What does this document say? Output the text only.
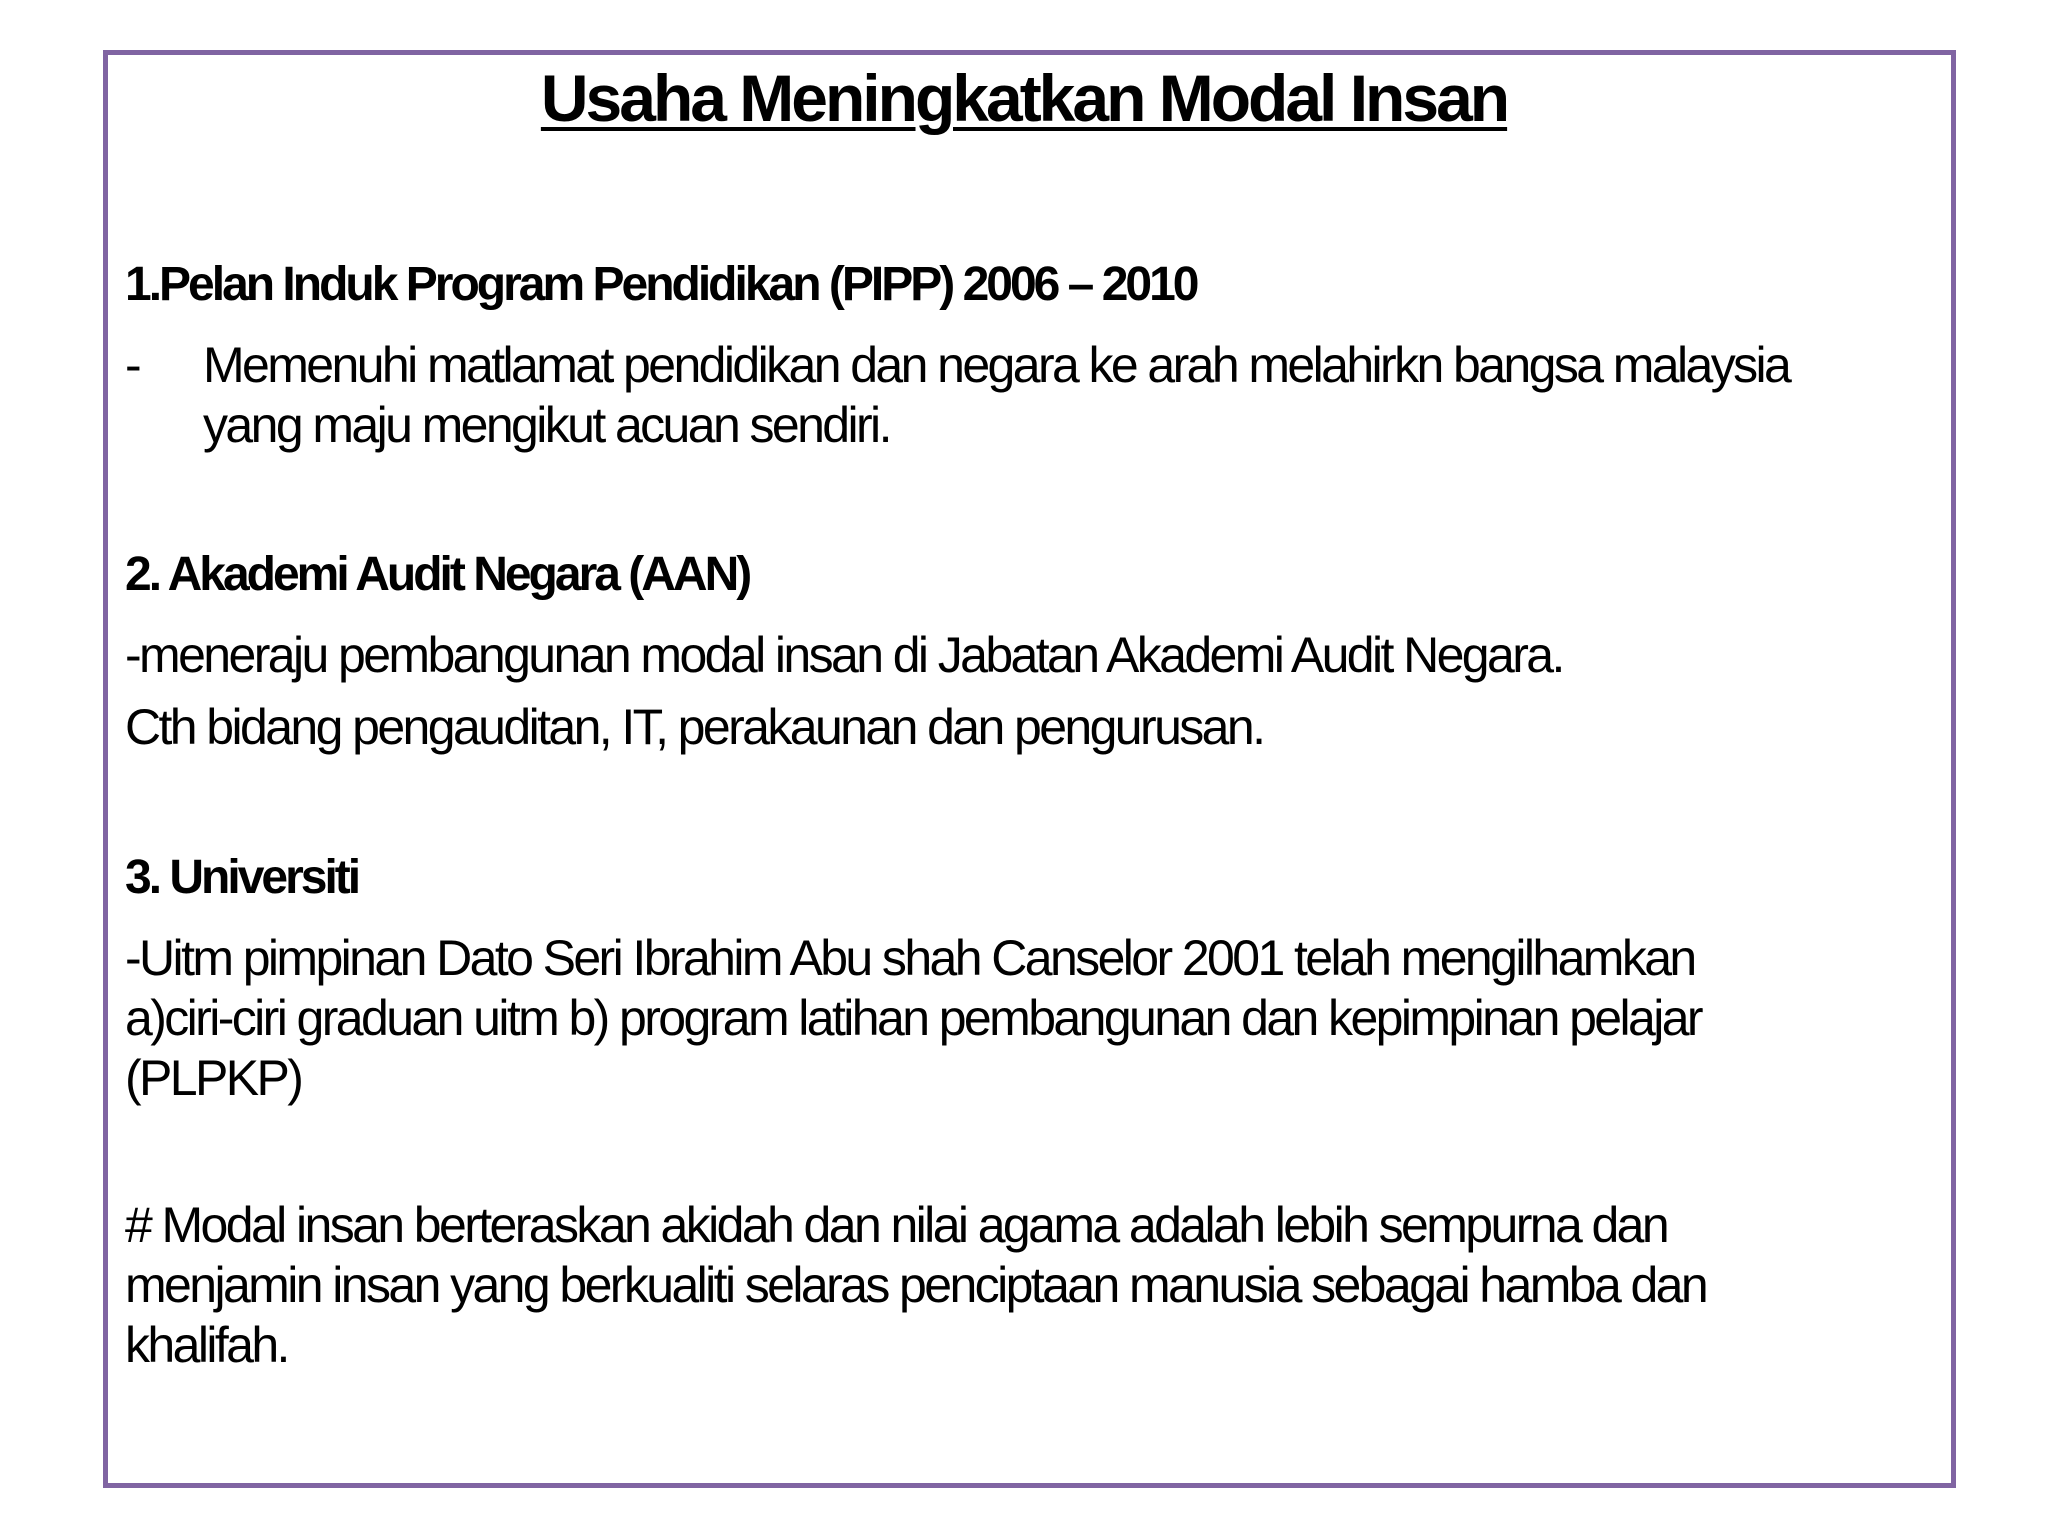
Usaha Meningkatkan Modal Insan
1.Pelan Induk Program Pendidikan (PIPP) 2006 – 2010
- Memenuhi matlamat pendidikan dan negara ke arah melahirkn bangsa malaysia
yang maju mengikut acuan sendiri.
2. Akademi Audit Negara (AAN)
-meneraju pembangunan modal insan di Jabatan Akademi Audit Negara.
Cth bidang pengauditan, IT, perakaunan dan pengurusan.
3. Universiti
-Uitm pimpinan Dato Seri Ibrahim Abu shah Canselor 2001 telah mengilhamkan
a)ciri-ciri graduan uitm b) program latihan pembangunan dan kepimpinan pelajar
(PLPKP)
# Modal insan berteraskan akidah dan nilai agama adalah lebih sempurna dan
menjamin insan yang berkualiti selaras penciptaan manusia sebagai hamba dan
khalifah.
